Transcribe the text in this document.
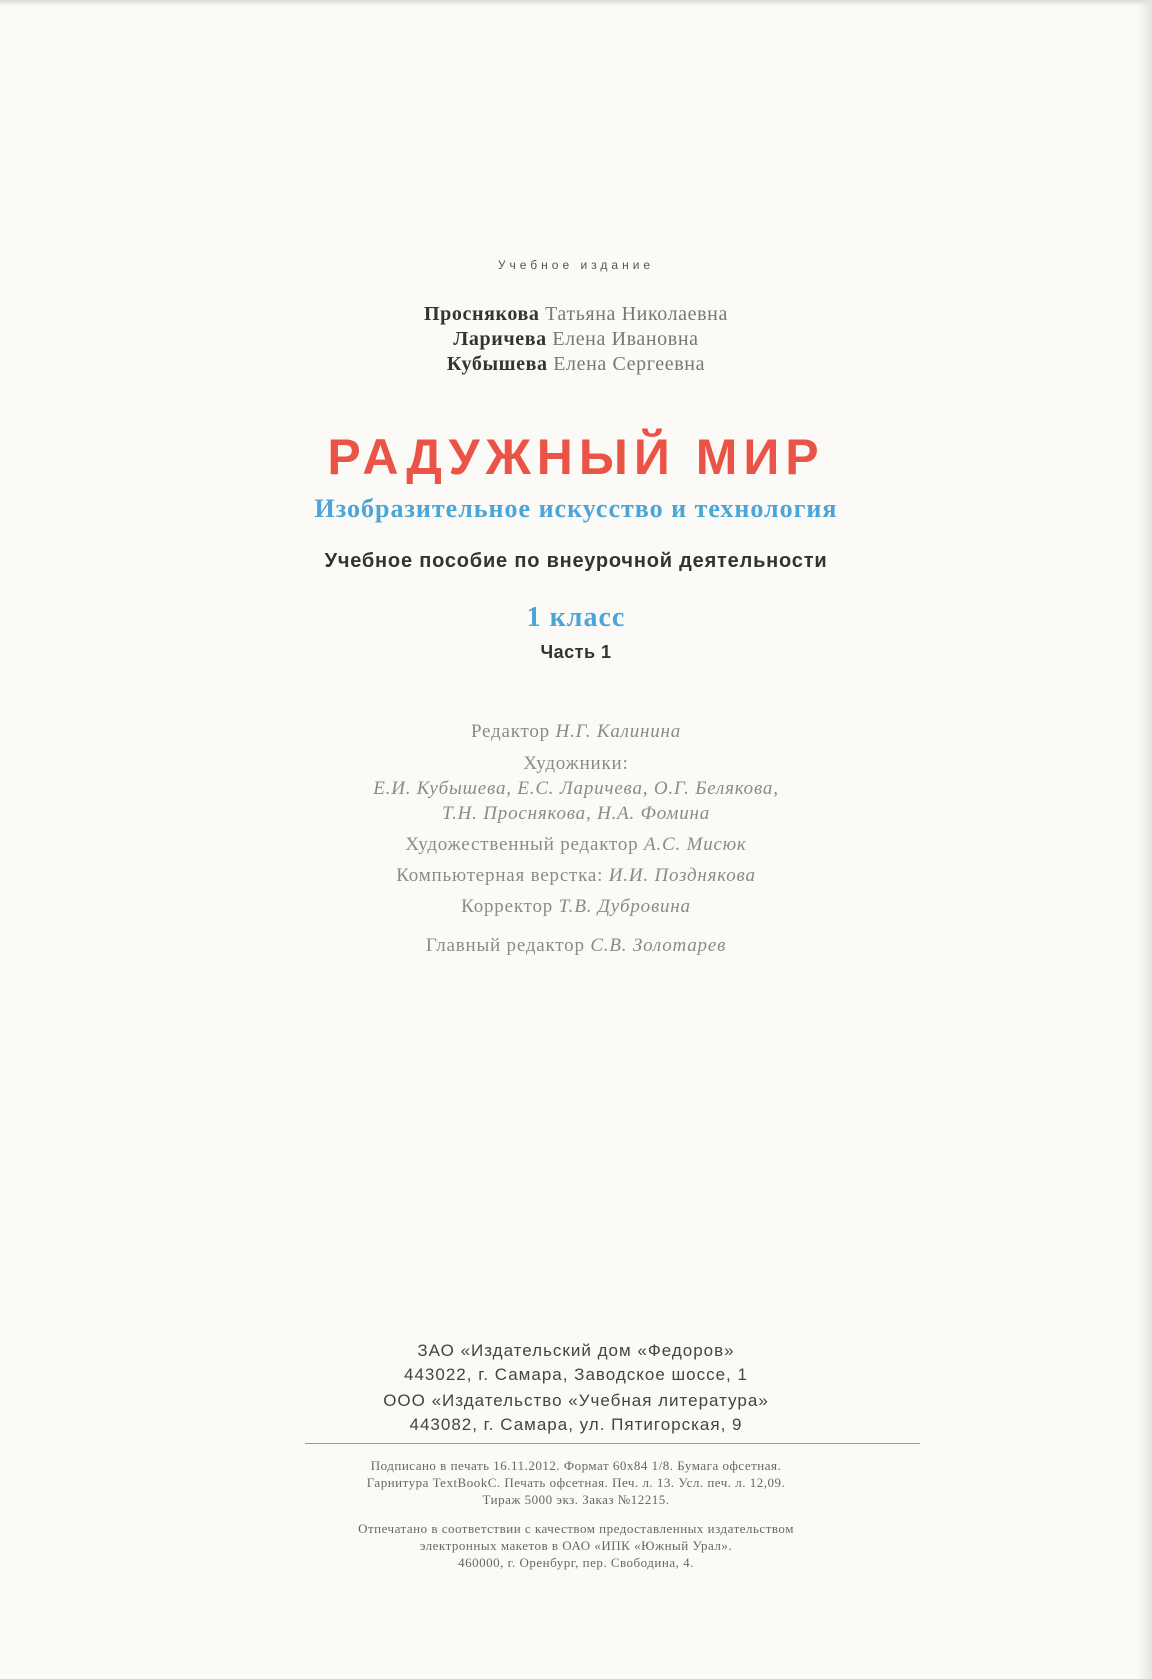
Учебное издание
Проснякова Татьяна Николаевна
Ларичева Елена Ивановна
Кубышева Елена Сергеевна
РАДУЖНЫЙ МИР
Изобразительное искусство и технология
Учебное пособие по внеурочной деятельности
1 класс
Часть 1
Редактор Н.Г. Калинина
Художники:
Е.И. Кубышева, Е.С. Ларичева, О.Г. Белякова,
Т.Н. Проснякова, Н.А. Фомина
Художественный редактор А.С. Мисюк
Компьютерная верстка: И.И. Позднякова
Корректор Т.В. Дубровина
Главный редактор С.В. Золотарев
ЗАО «Издательский дом «Федоров»
443022, г. Самара, Заводское шоссе, 1
ООО «Издательство «Учебная литература»
443082, г. Самара, ул. Пятигорская, 9
Подписано в печать 16.11.2012. Формат 60х84 1/8. Бумага офсетная.
Гарнитура TextBookC. Печать офсетная. Печ. л. 13. Усл. печ. л. 12,09.
Тираж 5000 экз. Заказ №12215.
Отпечатано в соответствии с качеством предоставленных издательством
электронных макетов в ОАО «ИПК «Южный Урал».
460000, г. Оренбург, пер. Свободина, 4.
